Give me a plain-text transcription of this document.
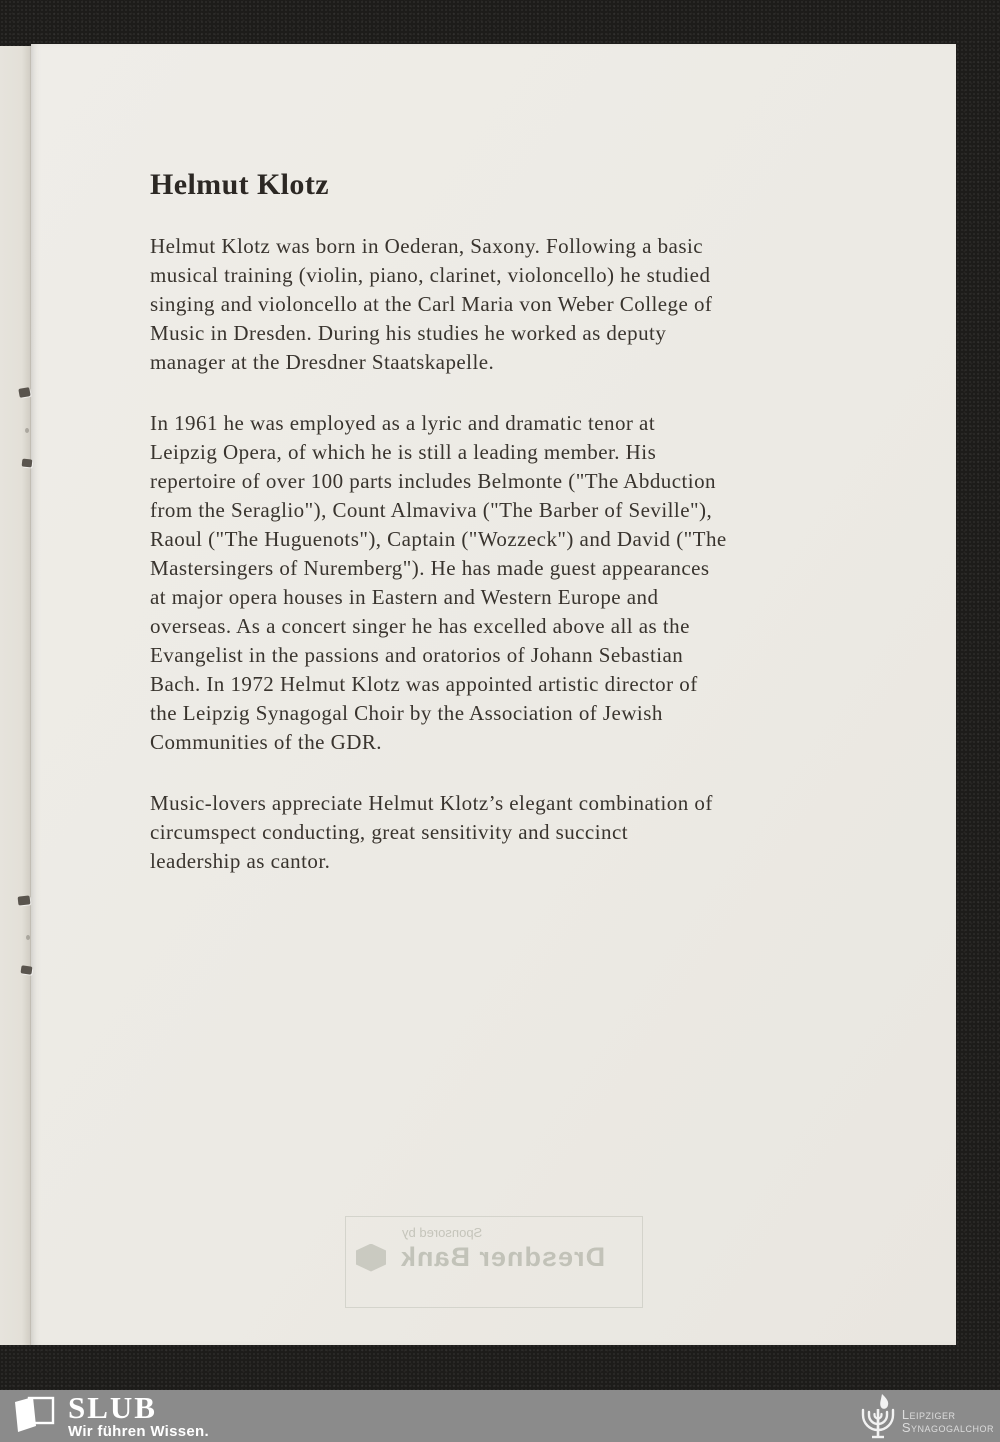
Helmut Klotz
Helmut Klotz was born in Oederan, Saxony. Following a basic
musical training (violin, piano, clarinet, violoncello) he studied
singing and violoncello at the Carl Maria von Weber College of
Music in Dresden. During his studies he worked as deputy
manager at the Dresdner Staatskapelle.
In 1961 he was employed as a lyric and dramatic tenor at
Leipzig Opera, of which he is still a leading member. His
repertoire of over 100 parts includes Belmonte ("The Abduction
from the Seraglio"), Count Almaviva ("The Barber of Seville"),
Raoul ("The Huguenots"), Captain ("Wozzeck") and David ("The
Mastersingers of Nuremberg"). He has made guest appearances
at major opera houses in Eastern and Western Europe and
overseas. As a concert singer he has excelled above all as the
Evangelist in the passions and oratorios of Johann Sebastian
Bach. In 1972 Helmut Klotz was appointed artistic director of
the Leipzig Synagogal Choir by the Association of Jewish
Communities of the GDR.
Music-lovers appreciate Helmut Klotz’s elegant combination of
circumspect conducting, great sensitivity and succinct
leadership as cantor.
Sponsored by
Dresdner Bank
SLUB
Wir führen Wissen.
Leipziger
Synagogalchor
